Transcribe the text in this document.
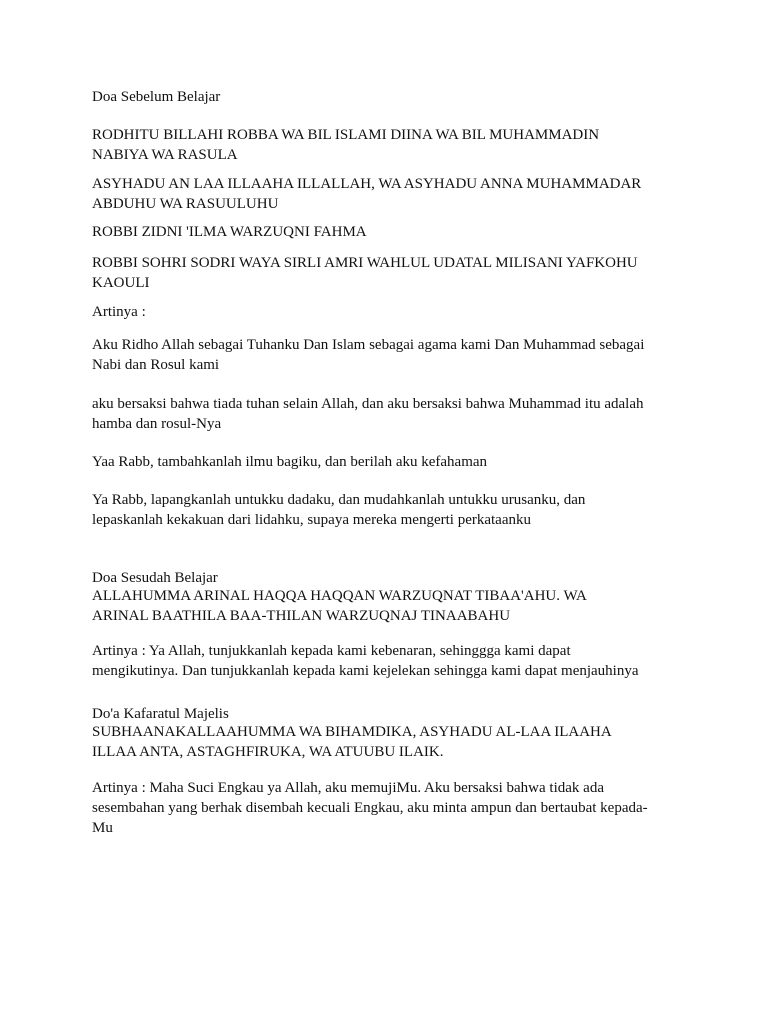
Doa Sebelum Belajar

RODHITU BILLAHI ROBBA WA BIL ISLAMI DIINA WA BIL MUHAMMADIN
NABIYA WA RASULA

ASYHADU AN LAA ILLAAHA ILLALLAH, WA ASYHADU ANNA MUHAMMADAR
ABDUHU WA RASUULUHU

ROBBI ZIDNI 'ILMA WARZUQNI FAHMA

ROBBI SOHRI SODRI WAYA SIRLI AMRI WAHLUL UDATAL MILISANI YAFKOHU
KAOULI

Artinya :

Aku Ridho Allah sebagai Tuhanku Dan Islam sebagai agama kami Dan Muhammad sebagai
Nabi dan Rosul kami

aku bersaksi bahwa tiada tuhan selain Allah, dan aku bersaksi bahwa Muhammad itu adalah
hamba dan rosul-Nya

Yaa Rabb, tambahkanlah ilmu bagiku, dan berilah aku kefahaman

Ya Rabb, lapangkanlah untukku dadaku, dan mudahkanlah untukku urusanku, dan
lepaskanlah kekakuan dari lidahku, supaya mereka mengerti perkataanku

Doa Sesudah Belajar

ALLAHUMMA ARINAL HAQQA HAQQAN WARZUQNAT TIBAA'AHU. WA
ARINAL BAATHILA BAA-THILAN WARZUQNAJ TINAABAHU

Artinya : Ya Allah, tunjukkanlah kepada kami kebenaran, sehinggga kami dapat
mengikutinya. Dan tunjukkanlah kepada kami kejelekan sehingga kami dapat menjauhinya

Do'a Kafaratul Majelis

SUBHAANAKALLAAHUMMA WA BIHAMDIKA, ASYHADU AL-LAA ILAAHA
ILLAA ANTA, ASTAGHFIRUKA, WA ATUUBU ILAIK.

Artinya : Maha Suci Engkau ya Allah, aku memujiMu. Aku bersaksi bahwa tidak ada
sesembahan yang berhak disembah kecuali Engkau, aku minta ampun dan bertaubat kepada-
Mu
